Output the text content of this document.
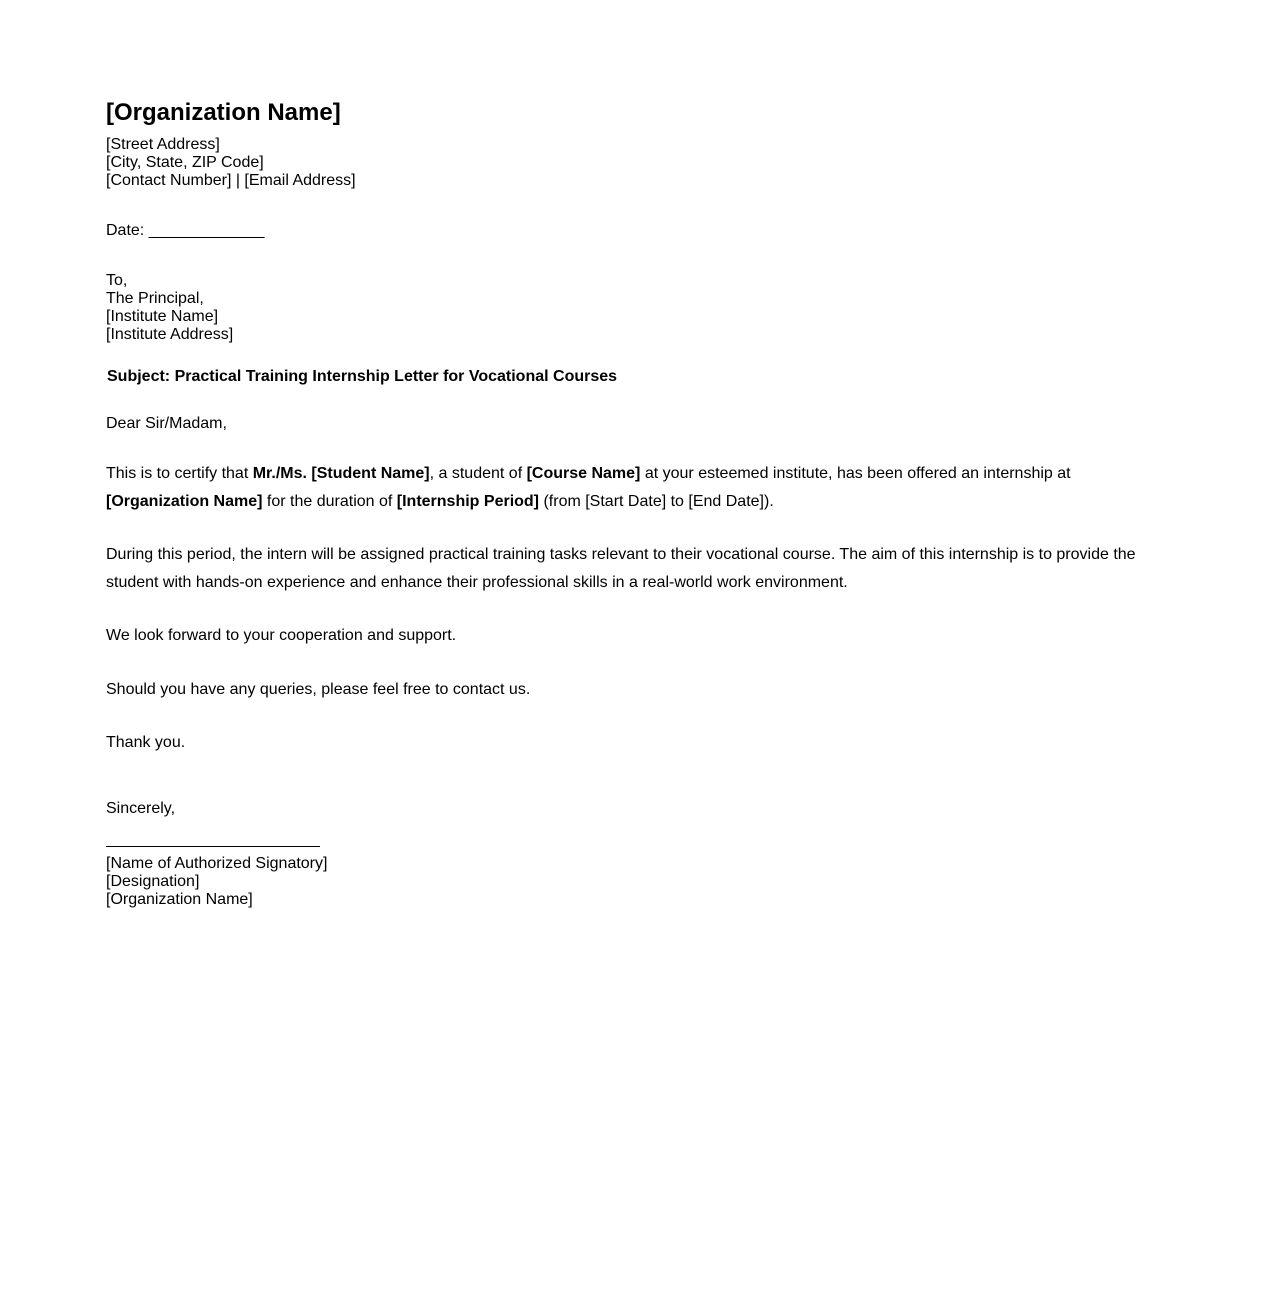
[Organization Name]
[Street Address]
[City, State, ZIP Code]
[Contact Number] | [Email Address]
Date: _____________
To,
The Principal,
[Institute Name]
[Institute Address]
Subject: Practical Training Internship Letter for Vocational Courses
Dear Sir/Madam,

This is to certify that Mr./Ms. [Student Name], a student of [Course Name] at your esteemed institute, has been offered an internship at [Organization Name] for the duration of [Internship Period] (from [Start Date] to [End Date]).

During this period, the intern will be assigned practical training tasks relevant to their vocational course. The aim of this internship is to provide the student with hands-on experience and enhance their professional skills in a real-world work environment.

We look forward to your cooperation and support.

Should you have any queries, please feel free to contact us.

Thank you.

Sincerely,
[Name of Authorized Signatory]
[Designation]
[Organization Name]
